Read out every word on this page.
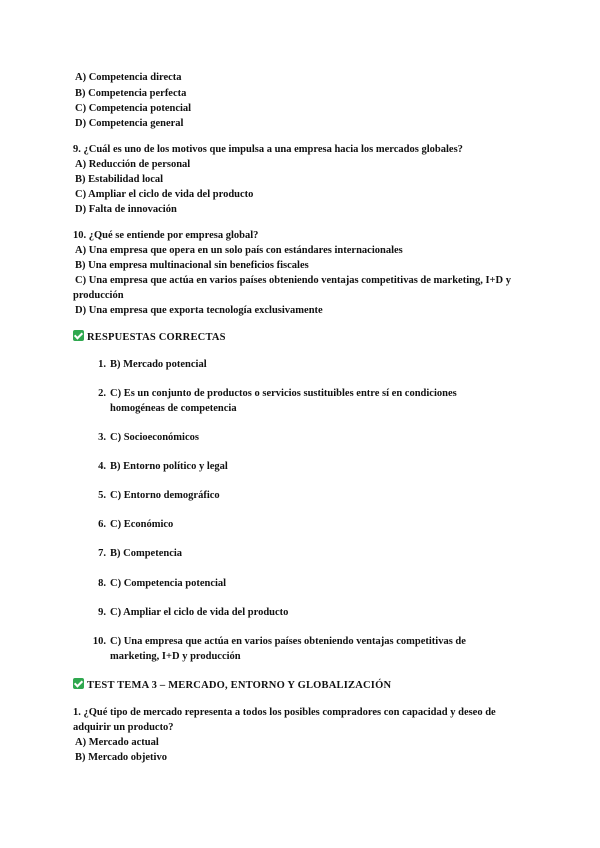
A) Competencia directa
B) Competencia perfecta
C) Competencia potencial
D) Competencia general
9. ¿Cuál es uno de los motivos que impulsa a una empresa hacia los mercados globales?
A) Reducción de personal
B) Estabilidad local
C) Ampliar el ciclo de vida del producto
D) Falta de innovación
10. ¿Qué se entiende por empresa global?
A) Una empresa que opera en un solo país con estándares internacionales
B) Una empresa multinacional sin beneficios fiscales
C) Una empresa que actúa en varios países obteniendo ventajas competitivas de marketing, I+D y producción
D) Una empresa que exporta tecnología exclusivamente
RESPUESTAS CORRECTAS
1. B) Mercado potencial
2. C) Es un conjunto de productos o servicios sustituibles entre sí en condiciones homogéneas de competencia
3. C) Socioeconómicos
4. B) Entorno político y legal
5. C) Entorno demográfico
6. C) Económico
7. B) Competencia
8. C) Competencia potencial
9. C) Ampliar el ciclo de vida del producto
10. C) Una empresa que actúa en varios países obteniendo ventajas competitivas de marketing, I+D y producción
TEST TEMA 3 – MERCADO, ENTORNO Y GLOBALIZACIÓN
1. ¿Qué tipo de mercado representa a todos los posibles compradores con capacidad y deseo de adquirir un producto?
A) Mercado actual
B) Mercado objetivo
